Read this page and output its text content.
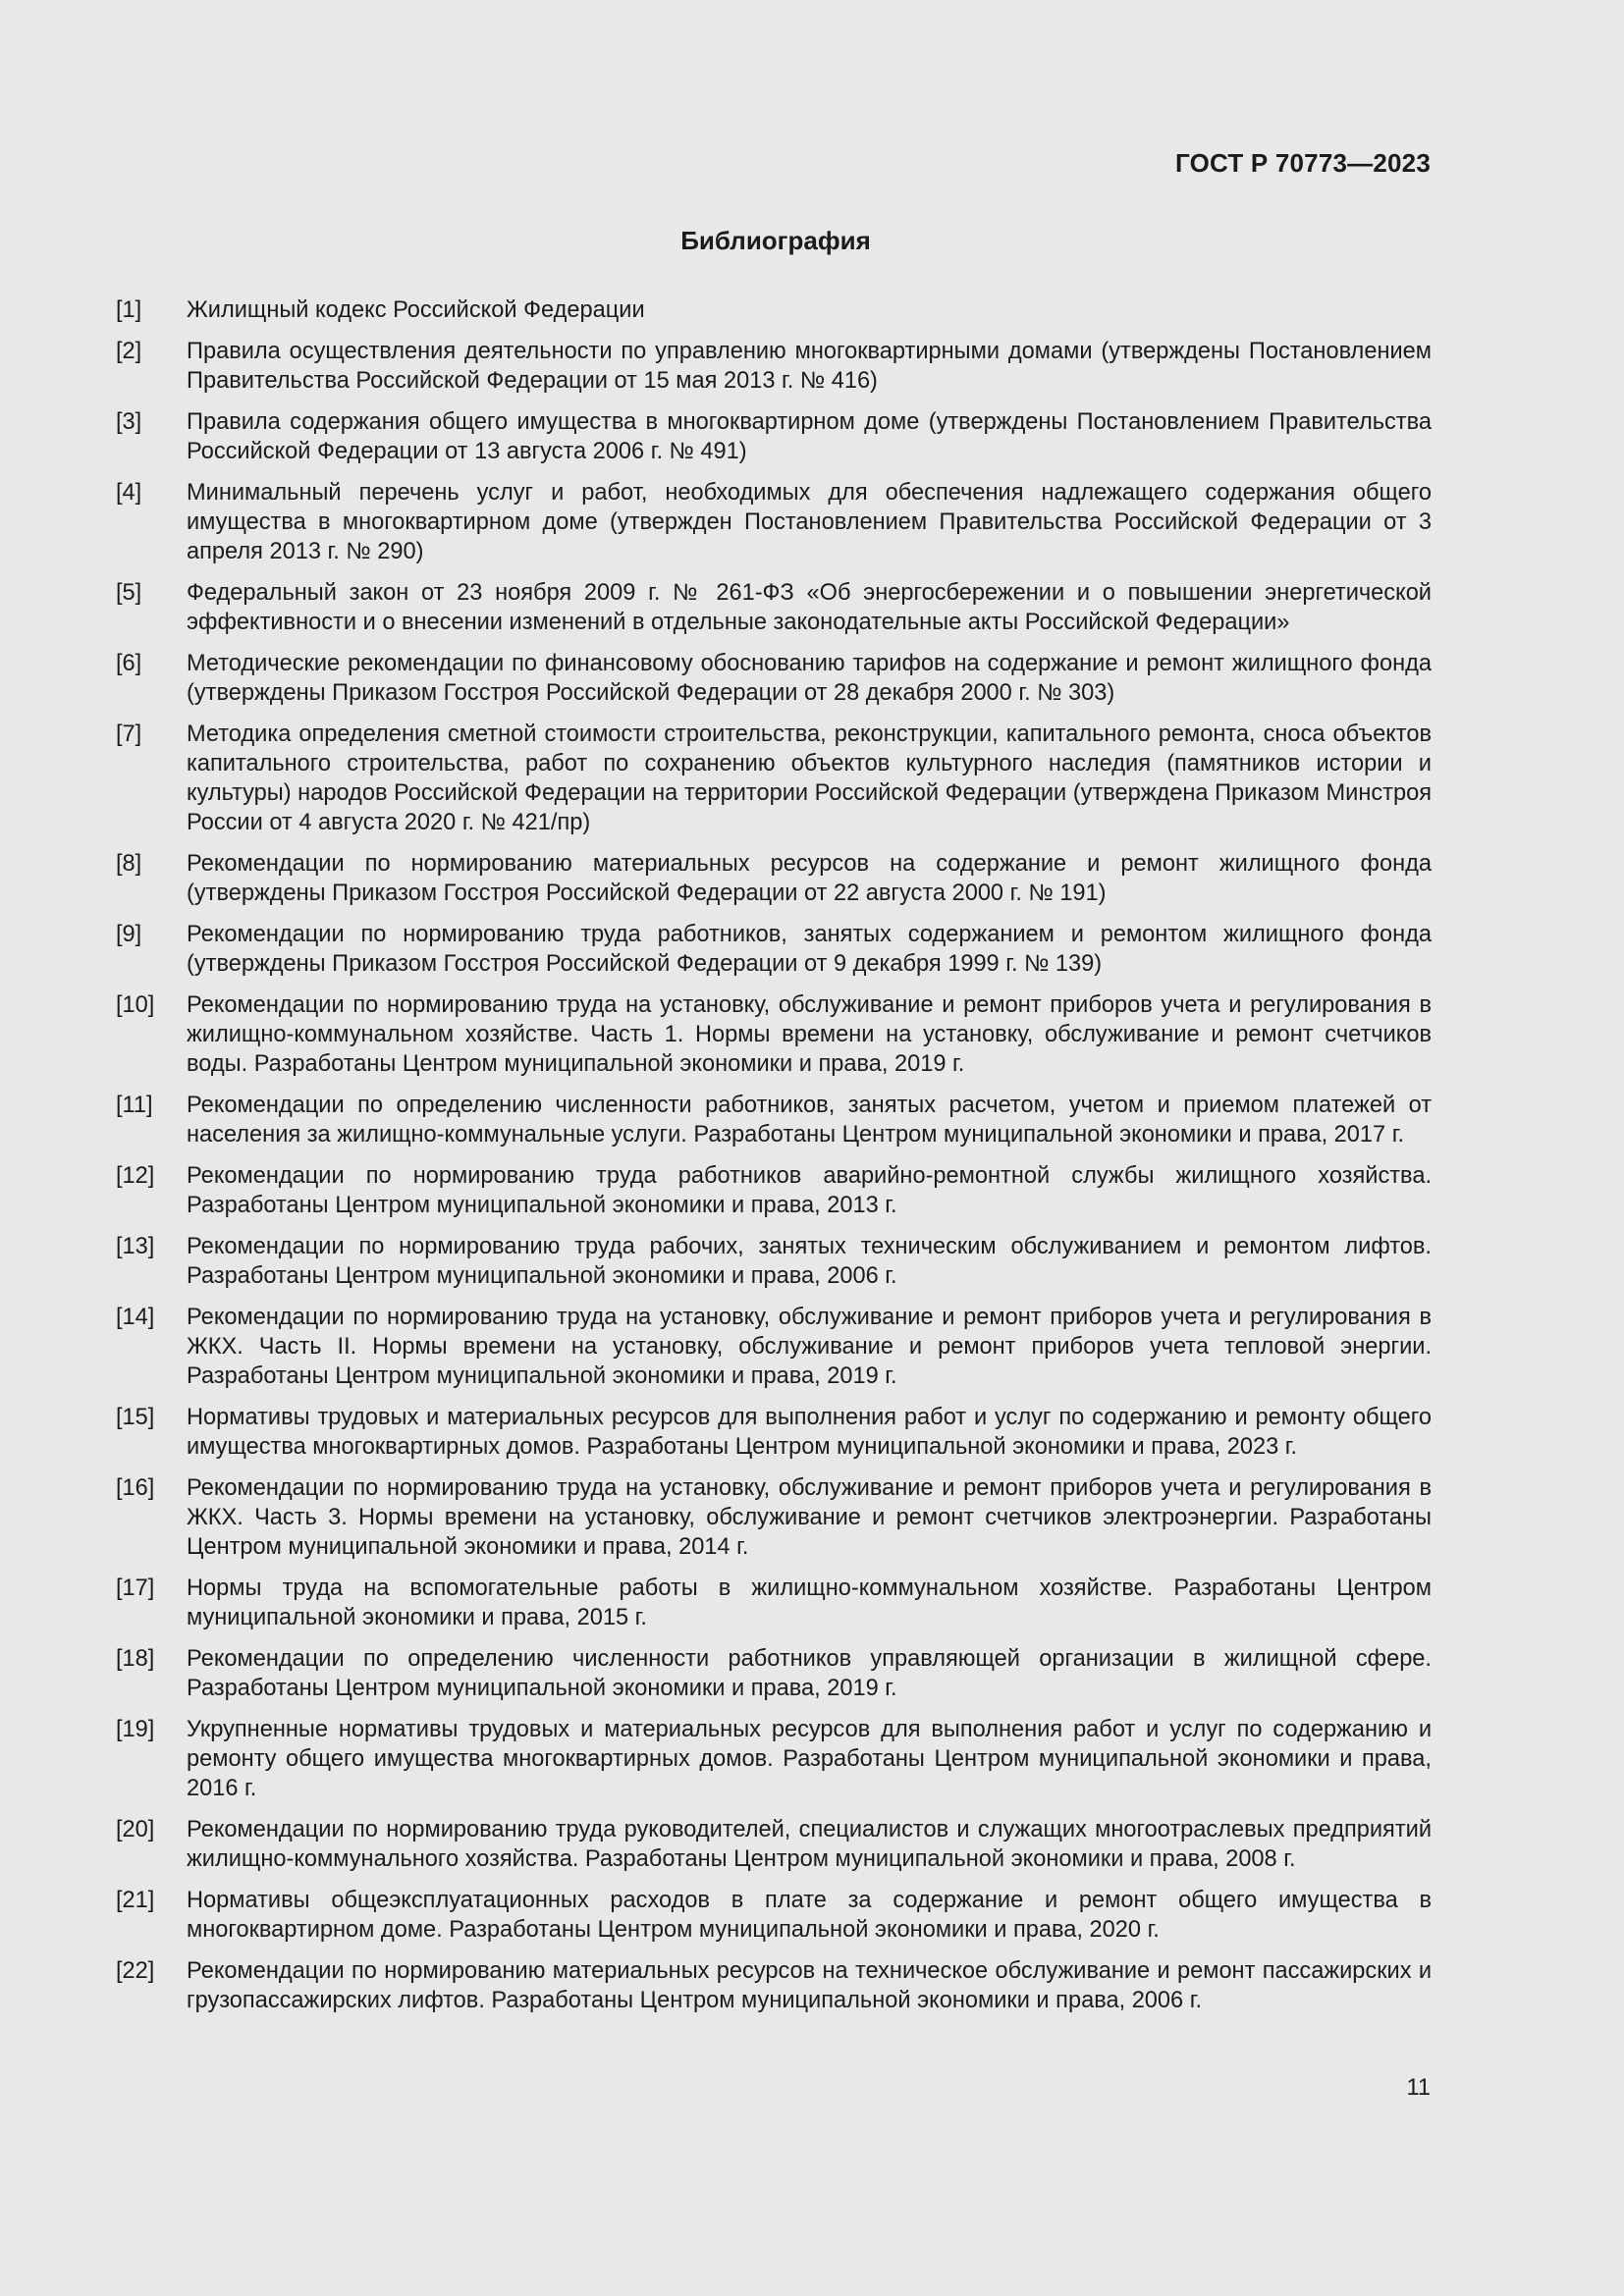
ГОСТ Р 70773—2023

Библиография
[1]	Жилищный кодекс Российской Федерации
[2]	Правила осуществления деятельности по управлению многоквартирными домами (утверждены Постановлением Правительства Российской Федерации от 15 мая 2013 г. № 416)
[3]	Правила содержания общего имущества в многоквартирном доме (утверждены Постановлением Правительства Российской Федерации от 13 августа 2006 г. № 491)
[4]	Минимальный перечень услуг и работ, необходимых для обеспечения надлежащего содержания общего имущества в многоквартирном доме (утвержден Постановлением Правительства Российской Федерации от 3 апреля 2013 г. № 290)
[5]	Федеральный закон от 23 ноября 2009 г. № 261-ФЗ «Об энергосбережении и о повышении энергетической эффективности и о внесении изменений в отдельные законодательные акты Российской Федерации»
[6]	Методические рекомендации по финансовому обоснованию тарифов на содержание и ремонт жилищного фонда (утверждены Приказом Госстроя Российской Федерации от 28 декабря 2000 г. № 303)
[7]	Методика определения сметной стоимости строительства, реконструкции, капитального ремонта, сноса объектов капитального строительства, работ по сохранению объектов культурного наследия (памятников истории и культуры) народов Российской Федерации на территории Российской Федерации (утверждена Приказом Минстроя России от 4 августа 2020 г. № 421/пр)
[8]	Рекомендации по нормированию материальных ресурсов на содержание и ремонт жилищного фонда (утверждены Приказом Госстроя Российской Федерации от 22 августа 2000 г. № 191)
[9]	Рекомендации по нормированию труда работников, занятых содержанием и ремонтом жилищного фонда (утверждены Приказом Госстроя Российской Федерации от 9 декабря 1999 г. № 139)
[10]	Рекомендации по нормированию труда на установку, обслуживание и ремонт приборов учета и регулирования в жилищно-коммунальном хозяйстве. Часть 1. Нормы времени на установку, обслуживание и ремонт счетчиков воды. Разработаны Центром муниципальной экономики и права, 2019 г.
[11]	Рекомендации по определению численности работников, занятых расчетом, учетом и приемом платежей от населения за жилищно-коммунальные услуги. Разработаны Центром муниципальной экономики и права, 2017 г.
[12]	Рекомендации по нормированию труда работников аварийно-ремонтной службы жилищного хозяйства. Разработаны Центром муниципальной экономики и права, 2013 г.
[13]	Рекомендации по нормированию труда рабочих, занятых техническим обслуживанием и ремонтом лифтов. Разработаны Центром муниципальной экономики и права, 2006 г.
[14]	Рекомендации по нормированию труда на установку, обслуживание и ремонт приборов учета и регулирования в ЖКХ. Часть II. Нормы времени на установку, обслуживание и ремонт приборов учета тепловой энергии. Разработаны Центром муниципальной экономики и права, 2019 г.
[15]	Нормативы трудовых и материальных ресурсов для выполнения работ и услуг по содержанию и ремонту общего имущества многоквартирных домов. Разработаны Центром муниципальной экономики и права, 2023 г.
[16]	Рекомендации по нормированию труда на установку, обслуживание и ремонт приборов учета и регулирования в ЖКХ. Часть 3. Нормы времени на установку, обслуживание и ремонт счетчиков электроэнергии. Разработаны Центром муниципальной экономики и права, 2014 г.
[17]	Нормы труда на вспомогательные работы в жилищно-коммунальном хозяйстве. Разработаны Центром муниципальной экономики и права, 2015 г.
[18]	Рекомендации по определению численности работников управляющей организации в жилищной сфере. Разработаны Центром муниципальной экономики и права, 2019 г.
[19]	Укрупненные нормативы трудовых и материальных ресурсов для выполнения работ и услуг по содержанию и ремонту общего имущества многоквартирных домов. Разработаны Центром муниципальной экономики и права, 2016 г.
[20]	Рекомендации по нормированию труда руководителей, специалистов и служащих многоотраслевых предприятий жилищно-коммунального хозяйства. Разработаны Центром муниципальной экономики и права, 2008 г.
[21]	Нормативы общеэксплуатационных расходов в плате за содержание и ремонт общего имущества в многоквартирном доме. Разработаны Центром муниципальной экономики и права, 2020 г.
[22]	Рекомендации по нормированию материальных ресурсов на техническое обслуживание и ремонт пассажирских и грузопассажирских лифтов. Разработаны Центром муниципальной экономики и права, 2006 г.

11
